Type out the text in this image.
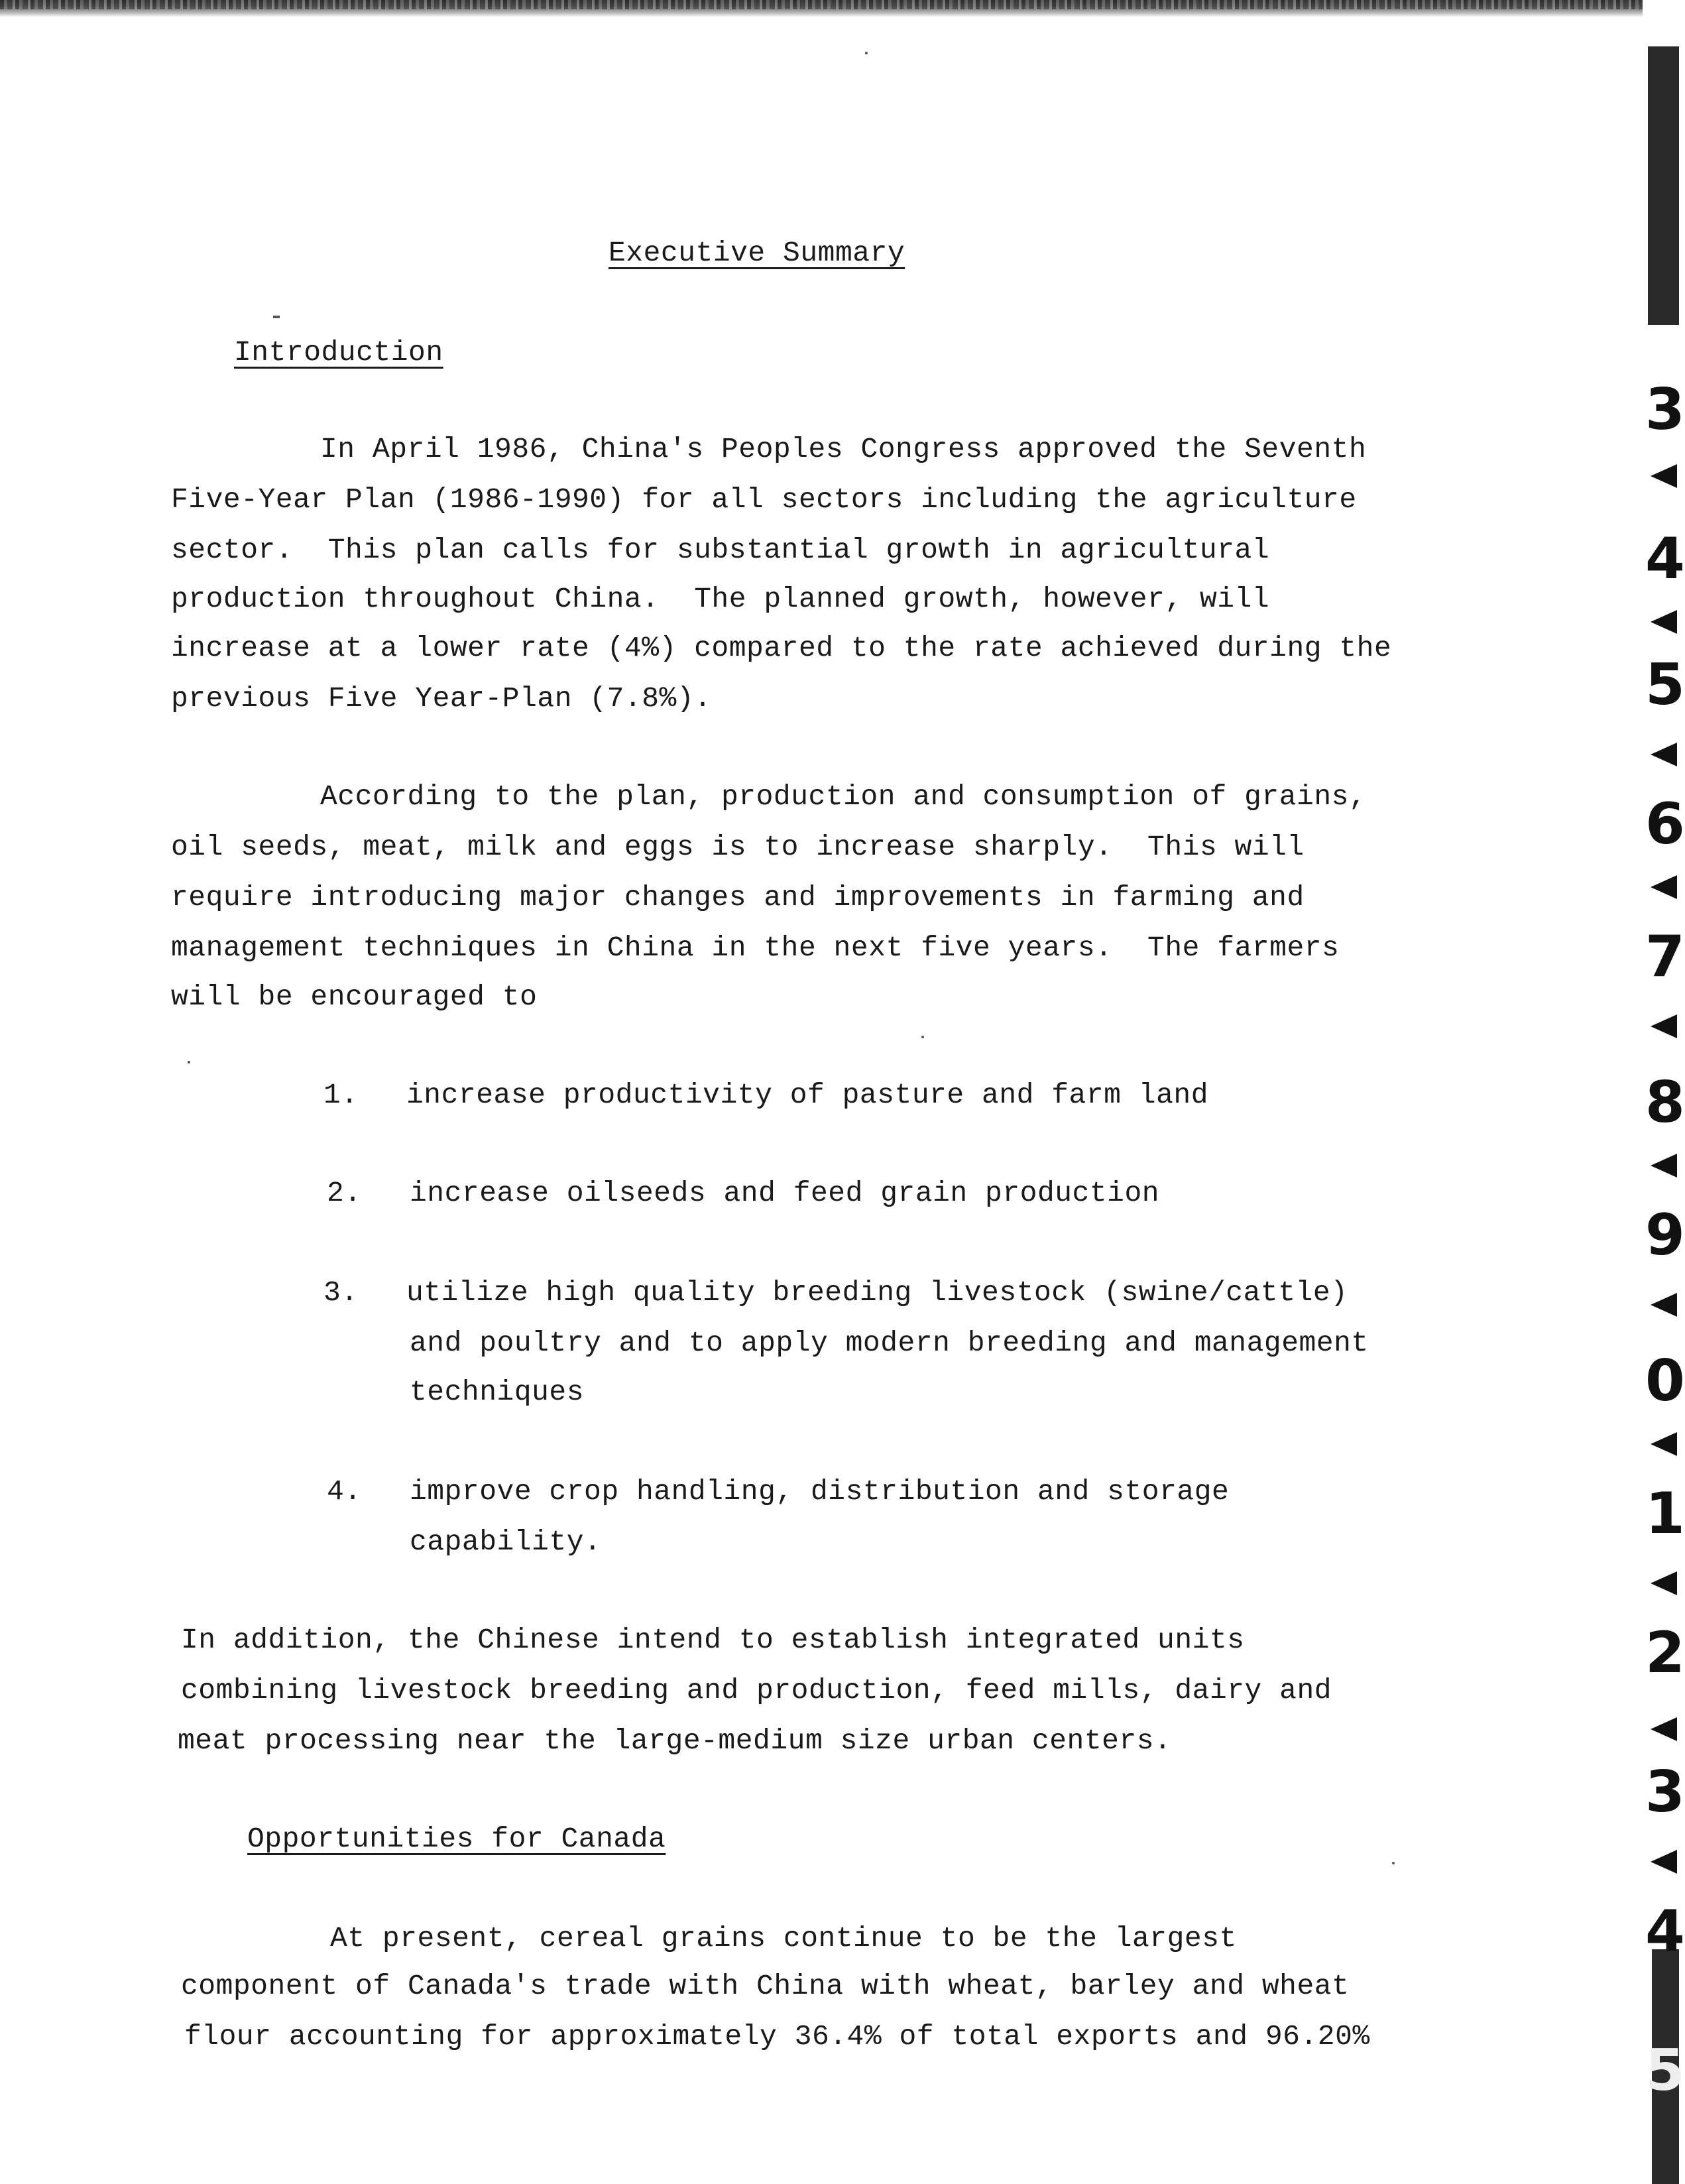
3
4
5
6
7
8
9
0
1
2
3
4
5
Executive Summary
Introduction
In April 1986, China's Peoples Congress approved the Seventh
Five-Year Plan (1986-1990) for all sectors including the agriculture
sector.  This plan calls for substantial growth in agricultural
production throughout China.  The planned growth, however, will
increase at a lower rate (4%) compared to the rate achieved during the
previous Five Year-Plan (7.8%).
According to the plan, production and consumption of grains,
oil seeds, meat, milk and eggs is to increase sharply.  This will
require introducing major changes and improvements in farming and
management techniques in China in the next five years.  The farmers
will be encouraged to
1. increase productivity of pasture and farm land
2. increase oilseeds and feed grain production
3. utilize high quality breeding livestock (swine/cattle)
and poultry and to apply modern breeding and management
techniques
4. improve crop handling, distribution and storage
capability.
In addition, the Chinese intend to establish integrated units
combining livestock breeding and production, feed mills, dairy and
meat processing near the large-medium size urban centers.
Opportunities for Canada
At present, cereal grains continue to be the largest
component of Canada's trade with China with wheat, barley and wheat
flour accounting for approximately 36.4% of total exports and 96.20%
